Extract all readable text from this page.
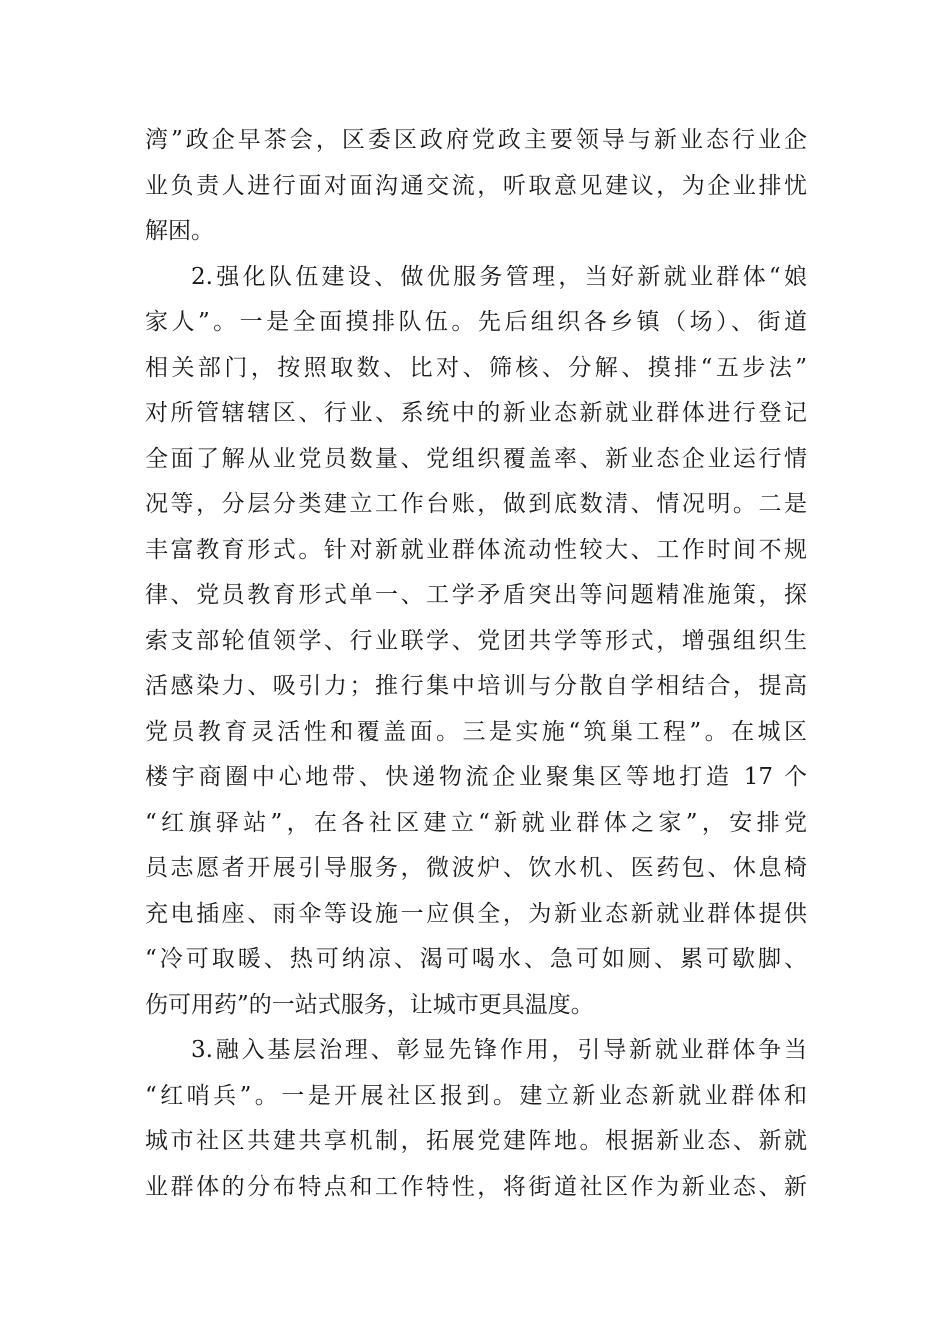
湾”政企早茶会，区委区政府党政主要领导与新业态行业企
业负责人进行面对面沟通交流，听取意见建议，为企业排忧
解困。
2.强化队伍建设、做优服务管理，当好新就业群体“娘
家人”。一是全面摸排队伍。先后组织各乡镇（场）、街道
相关部门，按照取数、比对、筛核、分解、摸排“五步法”
对所管辖辖区、行业、系统中的新业态新就业群体进行登记
全面了解从业党员数量、党组织覆盖率、新业态企业运行情
况等，分层分类建立工作台账，做到底数清、情况明。二是
丰富教育形式。针对新就业群体流动性较大、工作时间不规
律、党员教育形式单一、工学矛盾突出等问题精准施策，探
索支部轮值领学、行业联学、党团共学等形式，增强组织生
活感染力、吸引力；推行集中培训与分散自学相结合，提高
党员教育灵活性和覆盖面。三是实施“筑巢工程”。在城区
楼宇商圈中心地带、快递物流企业聚集区等地打造 17 个
“红旗驿站”，在各社区建立“新就业群体之家”，安排党
员志愿者开展引导服务，微波炉、饮水机、医药包、休息椅
充电插座、雨伞等设施一应俱全，为新业态新就业群体提供
“冷可取暖、热可纳凉、渴可喝水、急可如厕、累可歇脚、
伤可用药”的一站式服务，让城市更具温度。
3.融入基层治理、彰显先锋作用，引导新就业群体争当
“红哨兵”。一是开展社区报到。建立新业态新就业群体和
城市社区共建共享机制，拓展党建阵地。根据新业态、新就
业群体的分布特点和工作特性，将街道社区作为新业态、新
